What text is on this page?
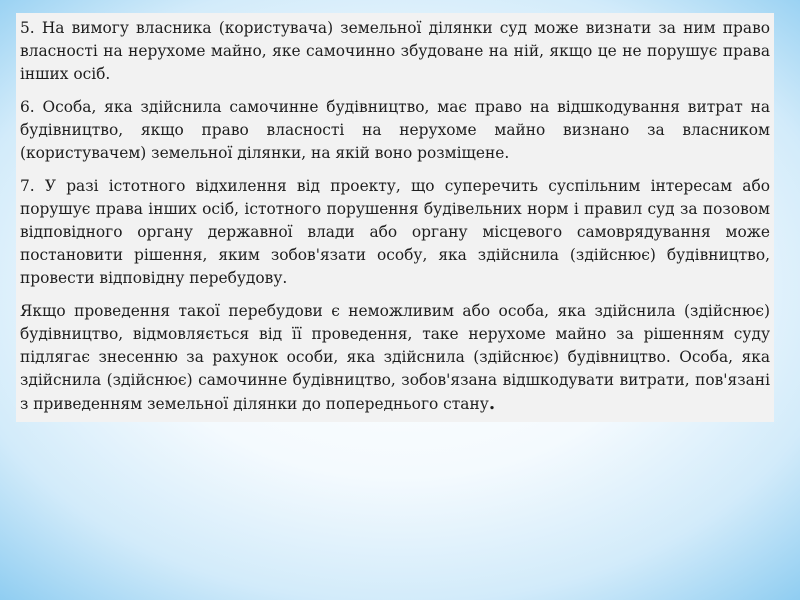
5. На вимогу власника (користувача) земельної ділянки суд може визнати за ним право власності на нерухоме майно, яке самочинно збудоване на ній, якщо це не порушує права інших осіб.

6. Особа, яка здійснила самочинне будівництво, має право на відшкодування витрат на будівництво, якщо право власності на нерухоме майно визнано за власником (користувачем) земельної ділянки, на якій воно розміщене.

7. У разі істотного відхилення від проекту, що суперечить суспільним інтересам або порушує права інших осіб, істотного порушення будівельних норм і правил суд за позовом відповідного органу державної влади або органу місцевого самоврядування може постановити рішення, яким зобов'язати особу, яка здійснила (здійснює) будівництво, провести відповідну перебудову.

Якщо проведення такої перебудови є неможливим або особа, яка здійснила (здійснює) будівництво, відмовляється від її проведення, таке нерухоме майно за рішенням суду підлягає знесенню за рахунок особи, яка здійснила (здійснює) будівництво. Особа, яка здійснила (здійснює) самочинне будівництво, зобов'язана відшкодувати витрати, пов'язані з приведенням земельної ділянки до попереднього стану.
